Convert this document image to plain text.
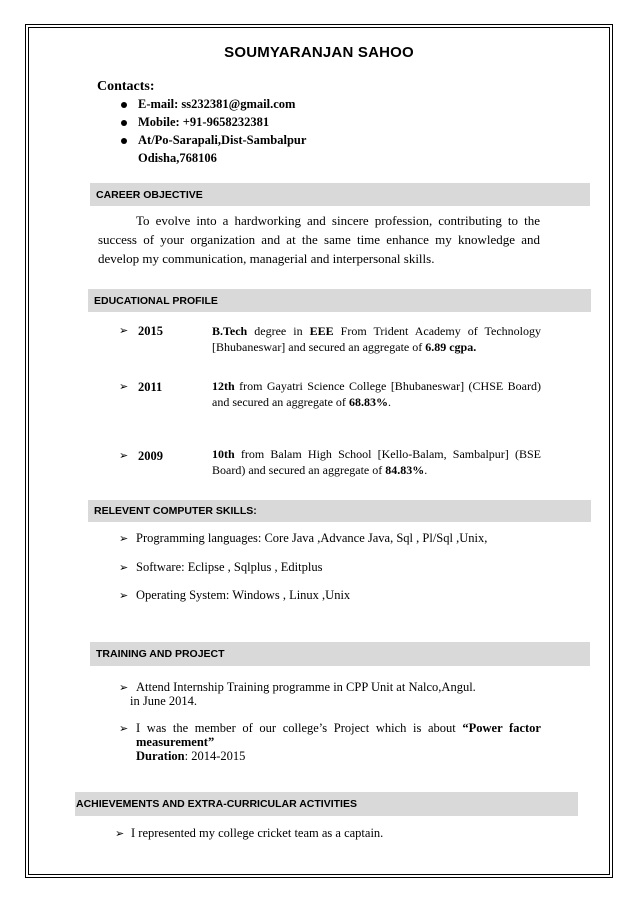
SOUMYARANJAN SAHOO
Contacts:
E-mail: ss232381@gmail.com
Mobile: +91-9658232381
At/Po-Sarapali,Dist-Sambalpur
Odisha,768106
CAREER OBJECTIVE
To evolve into a hardworking and sincere profession, contributing to the success of your organization and at the same time enhance my knowledge and develop my communication, managerial and interpersonal skills.
EDUCATIONAL PROFILE
➢ 2015	B.Tech degree in EEE From Trident Academy of Technology
[Bhubaneswar] and secured an aggregate of 6.89 cgpa.
➢ 2011	12th from Gayatri Science College [Bhubaneswar] (CHSE Board)
and secured an aggregate of 68.83%.
➢ 2009	10th from Balam High School [Kello-Balam, Sambalpur] (BSE
Board) and secured an aggregate of 84.83%.
RELEVENT COMPUTER SKILLS:
➢ Programming languages: Core Java ,Advance Java, Sql , Pl/Sql ,Unix,
➢ Software: Eclipse , Sqlplus , Editplus
➢ Operating System: Windows , Linux ,Unix
TRAINING AND PROJECT
➢ Attend Internship Training programme in CPP Unit at Nalco,Angul.
in June 2014.
➢ I was the member of our college’s Project which is about “Power factor
measurement”
Duration: 2014-2015
ACHIEVEMENTS AND EXTRA-CURRICULAR ACTIVITIES
➢ I represented my college cricket team as a captain.
